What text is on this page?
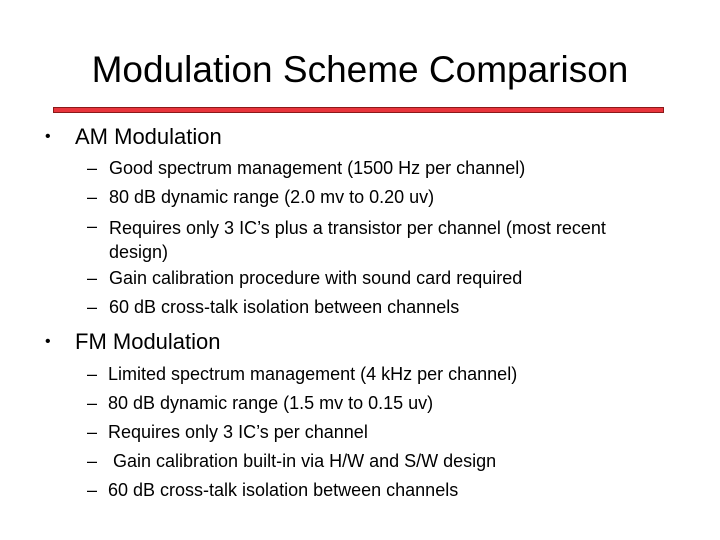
Modulation Scheme Comparison
• AM Modulation
– Good spectrum management (1500 Hz per channel)
– 80 dB dynamic range (2.0 mv to 0.20 uv)
– Requires only 3 IC’s plus a transistor per channel (most recent design)
– Gain calibration procedure with sound card required
– 60 dB cross-talk isolation between channels
• FM Modulation
– Limited spectrum management (4 kHz per channel)
– 80 dB dynamic range (1.5 mv to 0.15 uv)
– Requires only 3 IC’s per channel
– Gain calibration built-in via H/W and S/W design
– 60 dB cross-talk isolation between channels
